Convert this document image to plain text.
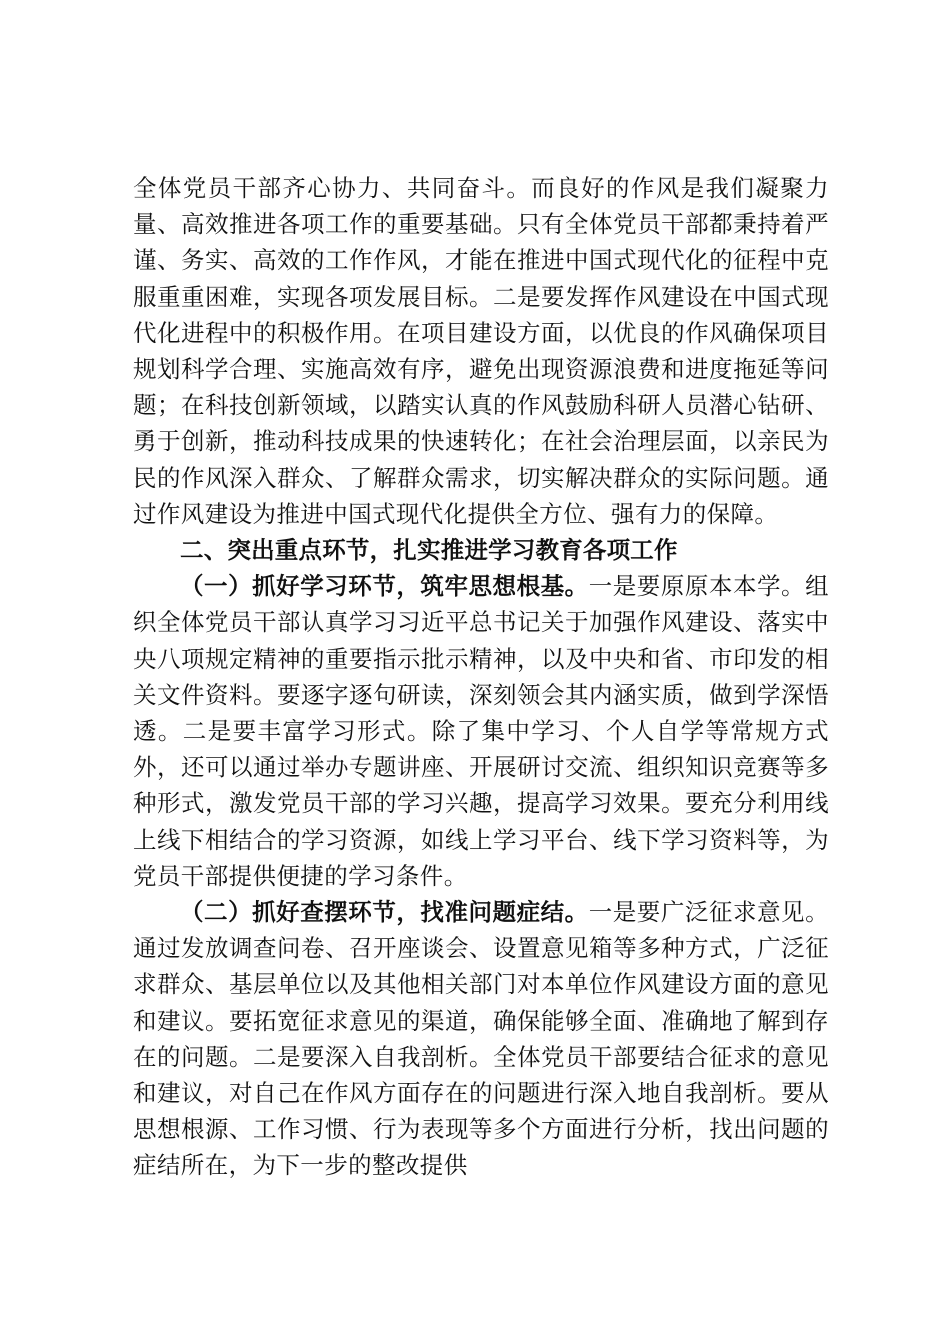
全体党员干部齐心协力、共同奋斗。而良好的作风是我们凝聚力量、高效推进各项工作的重要基础。只有全体党员干部都秉持着严谨、务实、高效的工作作风，才能在推进中国式现代化的征程中克服重重困难，实现各项发展目标。二是要发挥作风建设在中国式现代化进程中的积极作用。在项目建设方面，以优良的作风确保项目规划科学合理、实施高效有序，避免出现资源浪费和进度拖延等问题；在科技创新领域，以踏实认真的作风鼓励科研人员潜心钻研、勇于创新，推动科技成果的快速转化；在社会治理层面，以亲民为民的作风深入群众、了解群众需求，切实解决群众的实际问题。通过作风建设为推进中国式现代化提供全方位、强有力的保障。

二、突出重点环节，扎实推进学习教育各项工作

（一）抓好学习环节，筑牢思想根基。一是要原原本本学。组织全体党员干部认真学习习近平总书记关于加强作风建设、落实中央八项规定精神的重要指示批示精神，以及中央和省、市印发的相关文件资料。要逐字逐句研读，深刻领会其内涵实质，做到学深悟透。二是要丰富学习形式。除了集中学习、个人自学等常规方式外，还可以通过举办专题讲座、开展研讨交流、组织知识竞赛等多种形式，激发党员干部的学习兴趣，提高学习效果。要充分利用线上线下相结合的学习资源，如线上学习平台、线下学习资料等，为党员干部提供便捷的学习条件。

（二）抓好查摆环节，找准问题症结。一是要广泛征求意见。通过发放调查问卷、召开座谈会、设置意见箱等多种方式，广泛征求群众、基层单位以及其他相关部门对本单位作风建设方面的意见和建议。要拓宽征求意见的渠道，确保能够全面、准确地了解到存在的问题。二是要深入自我剖析。全体党员干部要结合征求的意见和建议，对自己在作风方面存在的问题进行深入地自我剖析。要从思想根源、工作习惯、行为表现等多个方面进行分析，找出问题的症结所在，为下一步的整改提供
